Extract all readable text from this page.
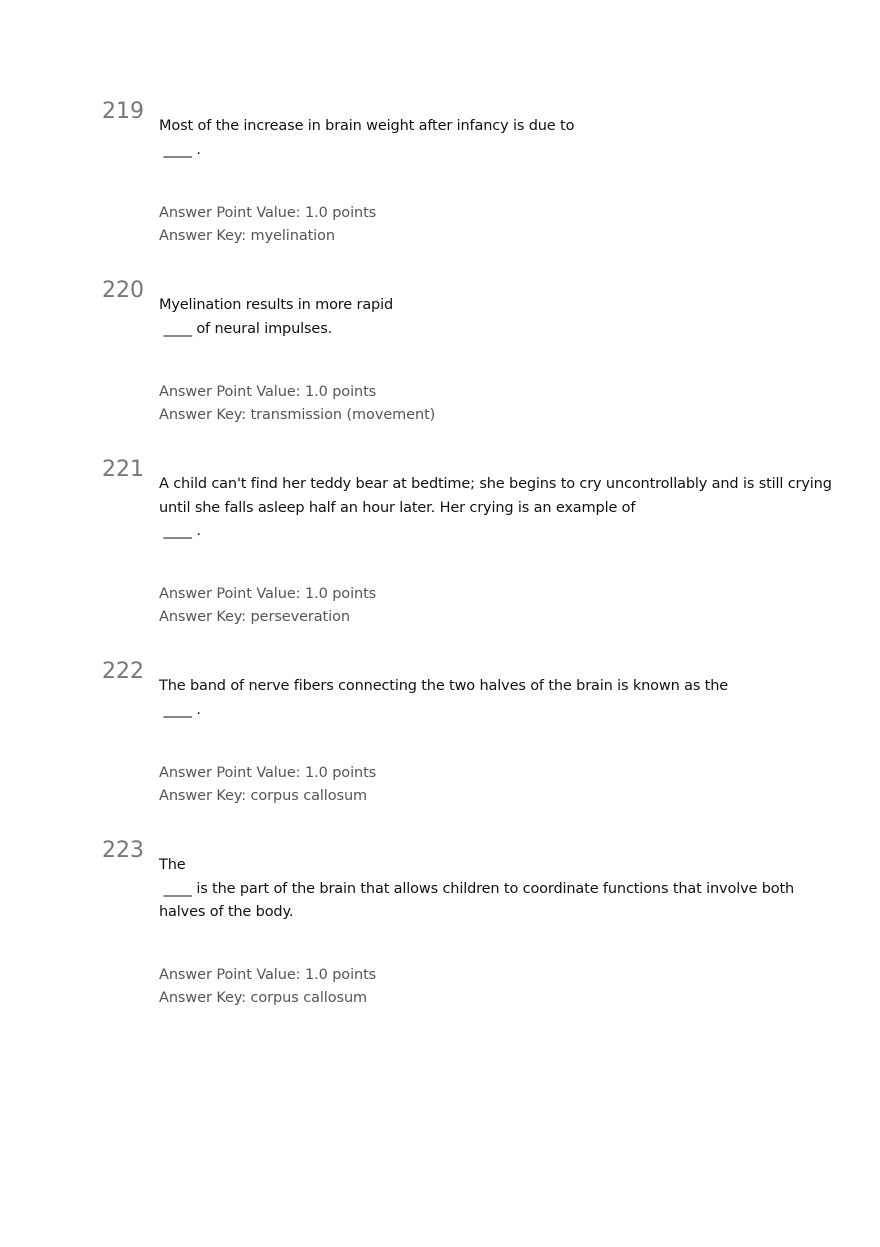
219
Most of the increase in brain weight after infancy is due to
____ .
Answer Point Value: 1.0 points
Answer Key: myelination
220
Myelination results in more rapid
____ of neural impulses.
Answer Point Value: 1.0 points
Answer Key: transmission (movement)
221
A child can't find her teddy bear at bedtime; she begins to cry uncontrollably and is still crying
until she falls asleep half an hour later. Her crying is an example of
____ .
Answer Point Value: 1.0 points
Answer Key: perseveration
222
The band of nerve fibers connecting the two halves of the brain is known as the
____ .
Answer Point Value: 1.0 points
Answer Key: corpus callosum
223
The
____ is the part of the brain that allows children to coordinate functions that involve both
halves of the body.
Answer Point Value: 1.0 points
Answer Key: corpus callosum
